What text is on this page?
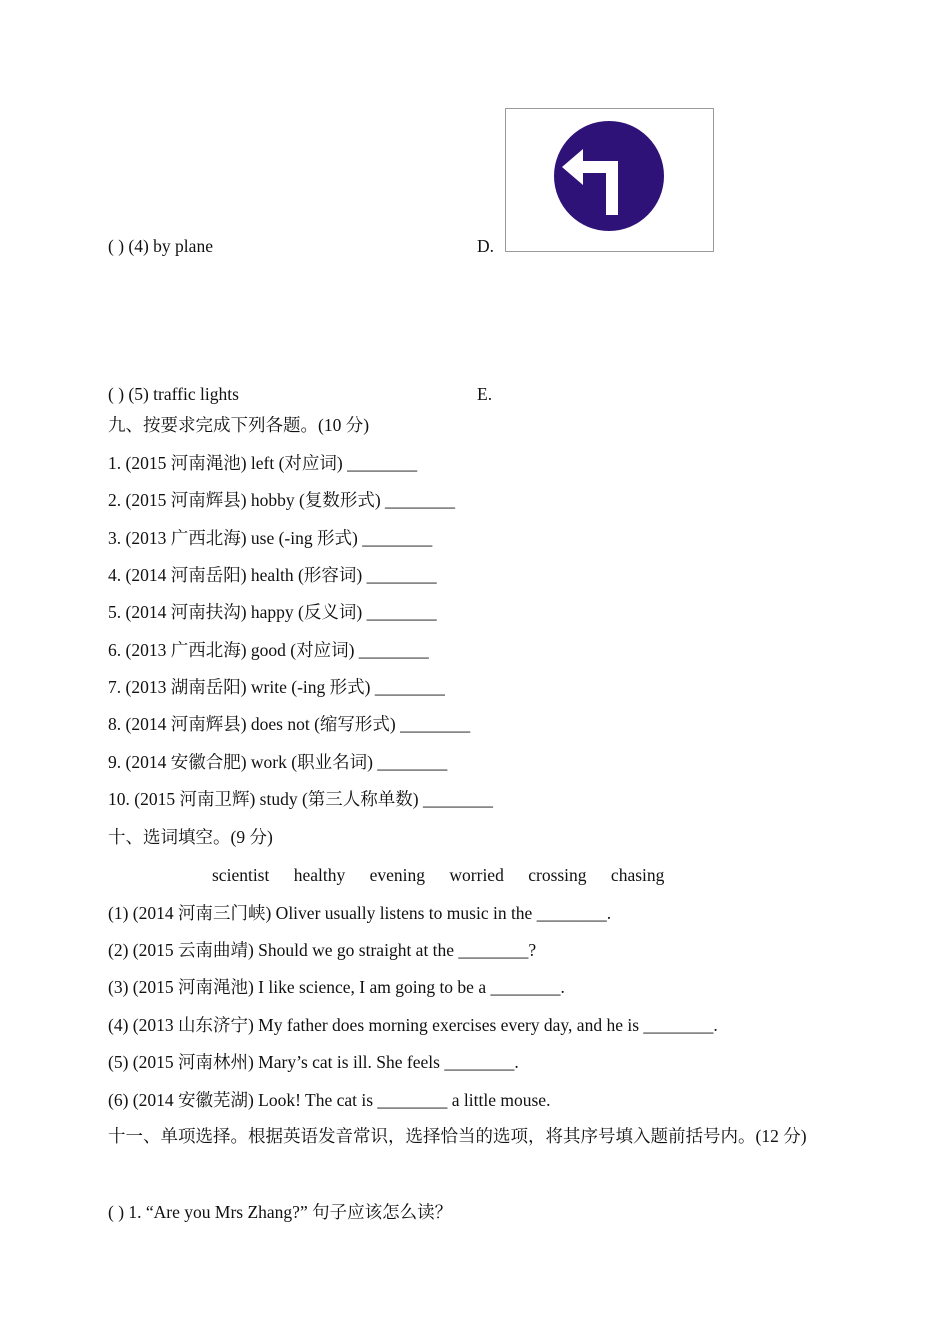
( ) (4) by plane	D.
( ) (5) traffic lights	E.
九、按要求完成下列各题。(10 分)
1. (2015 河南渑池) left (对应词) ________
2. (2015 河南辉县) hobby (复数形式) ________
3. (2013 广西北海) use (-ing 形式) ________
4. (2014 河南岳阳) health (形容词) ________
5. (2014 河南扶沟) happy (反义词) ________
6. (2013 广西北海) good (对应词) ________
7. (2013 湖南岳阳) write (-ing 形式) ________
8. (2014 河南辉县) does not (缩写形式) ________
9. (2014 安徽合肥) work (职业名词) ________
10. (2015 河南卫辉) study (第三人称单数) ________
十、选词填空。(9 分)
scientist healthy evening worried crossing chasing
(1) (2014 河南三门峡) Oliver usually listens to music in the ________.
(2) (2015 云南曲靖) Should we go straight at the ________?
(3) (2015 河南渑池) I like science, I am going to be a ________.
(4) (2013 山东济宁) My father does morning exercises every day, and he is ________.
(5) (2015 河南林州) Mary’s cat is ill. She feels ________.
(6) (2014 安徽芜湖) Look! The cat is ________ a little mouse.
十一、单项选择。根据英语发音常识，选择恰当的选项，将其序号填入题前括号内。(12 分)
( ) 1. “Are you Mrs Zhang?” 句子应该怎么读？
